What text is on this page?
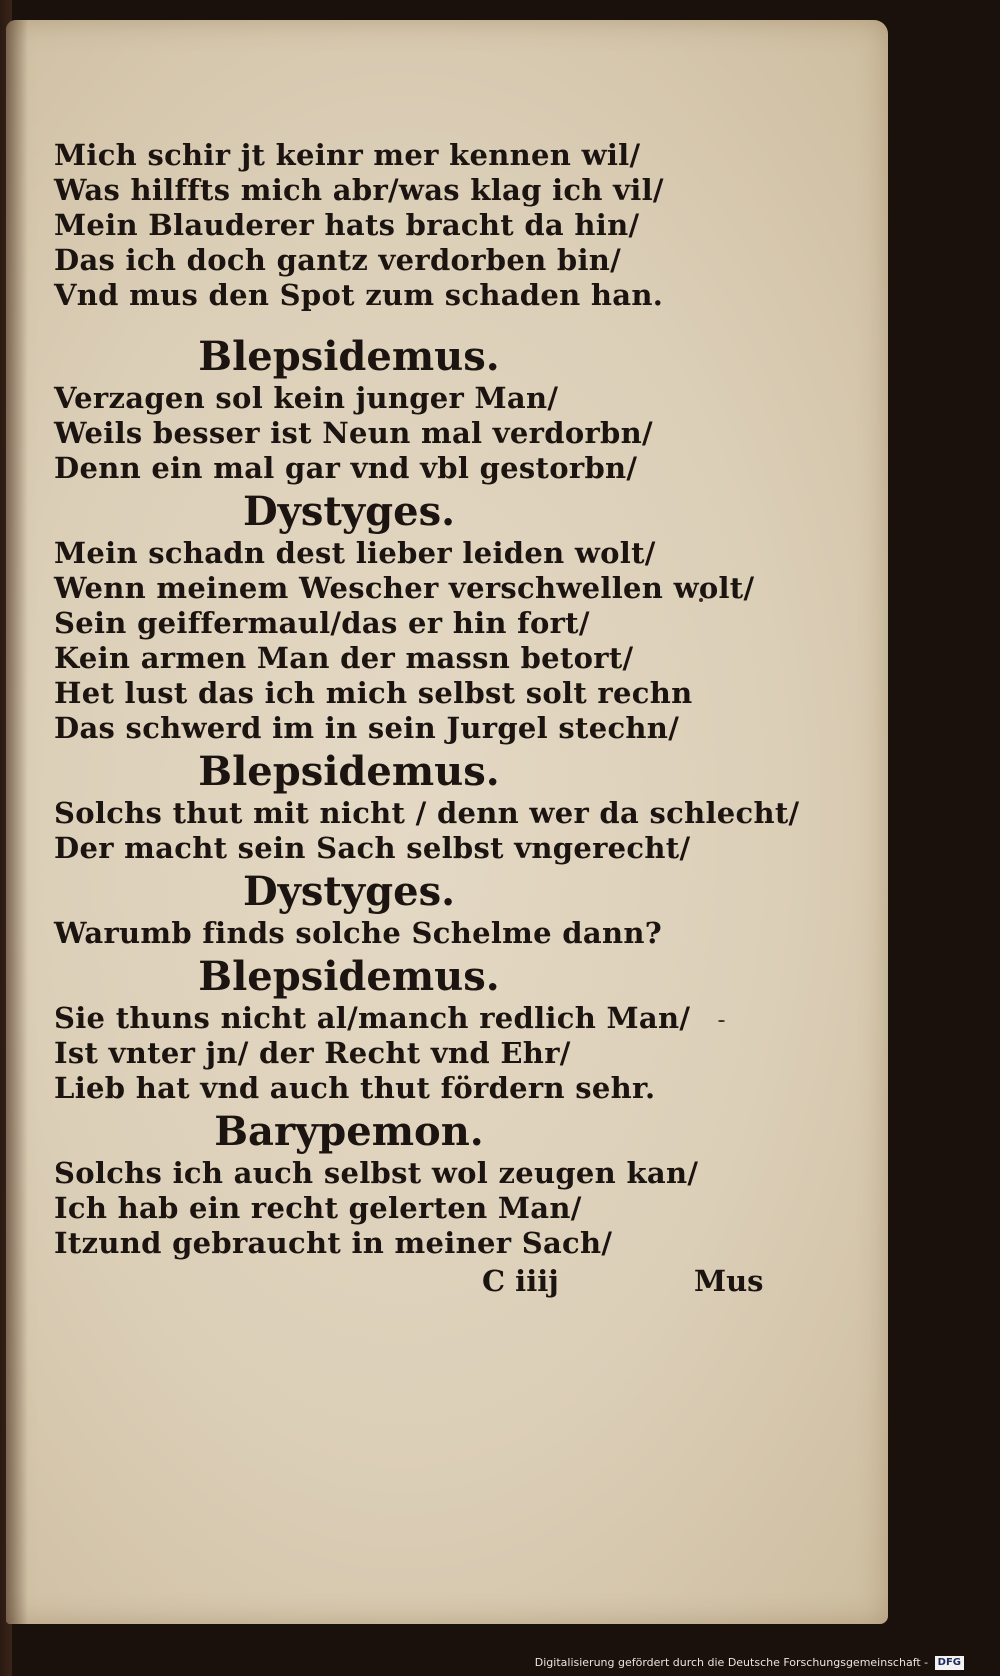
Mich schir jt keinr mer kennen wil/
Was hilffts mich abr/was klag ich vil/
Mein Blauderer hats bracht da hin/
Das ich doch gantz verdorben bin/
Vnd mus den Spot zum schaden han.
Blepsidemus.
Verzagen sol kein junger Man/
Weils besser ist Neun mal verdorbn/
Denn ein mal gar vnd vbl gestorbn/
Dystyges.
Mein schadn dest lieber leiden wolt/
Wenn meinem Wescher verschwellen wolt/
Sein geiffermaul/das er hin fort/
Kein armen Man der massn betort/
Het lust das ich mich selbst solt rechn
Das schwerd im in sein Jurgel stechn/
Blepsidemus.
Solchs thut mit nicht / denn wer da schlecht/
Der macht sein Sach selbst vngerecht/
Dystyges.
Warumb finds solche Schelme dann?
Blepsidemus.
Sie thuns nicht al/manch redlich Man/
Ist vnter jn/ der Recht vnd Ehr/
Lieb hat vnd auch thut fördern sehr.
Barypemon.
Solchs ich auch selbst wol zeugen kan/
Ich hab ein recht gelerten Man/
Itzund gebraucht in meiner Sach/
C iiij	Mus
Digitalisierung gefördert durch die Deutsche Forschungsgemeinschaft - DFG
